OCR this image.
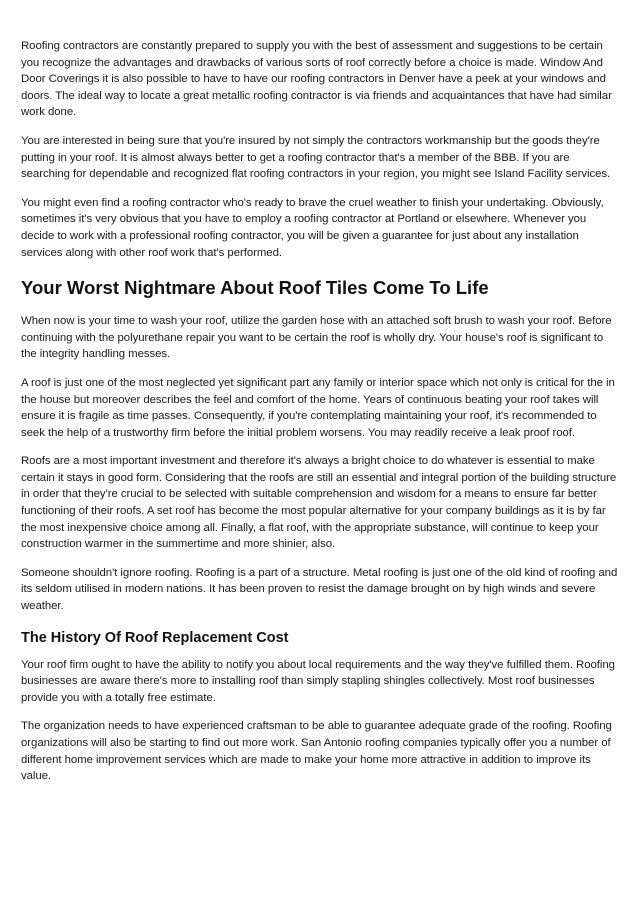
Roofing contractors are constantly prepared to supply you with the best of assessment and suggestions to be certain you recognize the advantages and drawbacks of various sorts of roof correctly before a choice is made. Window And Door Coverings it is also possible to have to have our roofing contractors in Denver have a peek at your windows and doors. The ideal way to locate a great metallic roofing contractor is via friends and acquaintances that have had similar work done.

You are interested in being sure that you're insured by not simply the contractors workmanship but the goods they're putting in your roof. It is almost always better to get a roofing contractor that's a member of the BBB. If you are searching for dependable and recognized flat roofing contractors in your region, you might see Island Facility services.

You might even find a roofing contractor who's ready to brave the cruel weather to finish your undertaking. Obviously, sometimes it's very obvious that you have to employ a roofing contractor at Portland or elsewhere. Whenever you decide to work with a professional roofing contractor, you will be given a guarantee for just about any installation services along with other roof work that's performed.

Your Worst Nightmare About Roof Tiles Come To Life

When now is your time to wash your roof, utilize the garden hose with an attached soft brush to wash your roof. Before continuing with the polyurethane repair you want to be certain the roof is wholly dry. Your house's roof is significant to the integrity handling messes.

A roof is just one of the most neglected yet significant part any family or interior space which not only is critical for the in the house but moreover describes the feel and comfort of the home. Years of continuous beating your roof takes will ensure it is fragile as time passes. Consequently, if you're contemplating maintaining your roof, it's recommended to seek the help of a trustworthy firm before the initial problem worsens. You may readily receive a leak proof roof.

Roofs are a most important investment and therefore it's always a bright choice to do whatever is essential to make certain it stays in good form. Considering that the roofs are still an essential and integral portion of the building structure in order that they're crucial to be selected with suitable comprehension and wisdom for a means to ensure far better functioning of their roofs. A set roof has become the most popular alternative for your company buildings as it is by far the most inexpensive choice among all. Finally, a flat roof, with the appropriate substance, will continue to keep your construction warmer in the summertime and more shinier, also.

Someone shouldn't ignore roofing. Roofing is a part of a structure. Metal roofing is just one of the old kind of roofing and its seldom utilised in modern nations. It has been proven to resist the damage brought on by high winds and severe weather.

The History Of Roof Replacement Cost

Your roof firm ought to have the ability to notify you about local requirements and the way they've fulfilled them. Roofing businesses are aware there's more to installing roof than simply stapling shingles collectively. Most roof businesses provide you with a totally free estimate.

The organization needs to have experienced craftsman to be able to guarantee adequate grade of the roofing. Roofing organizations will also be starting to find out more work. San Antonio roofing companies typically offer you a number of different home improvement services which are made to make your home more attractive in addition to improve its value.
